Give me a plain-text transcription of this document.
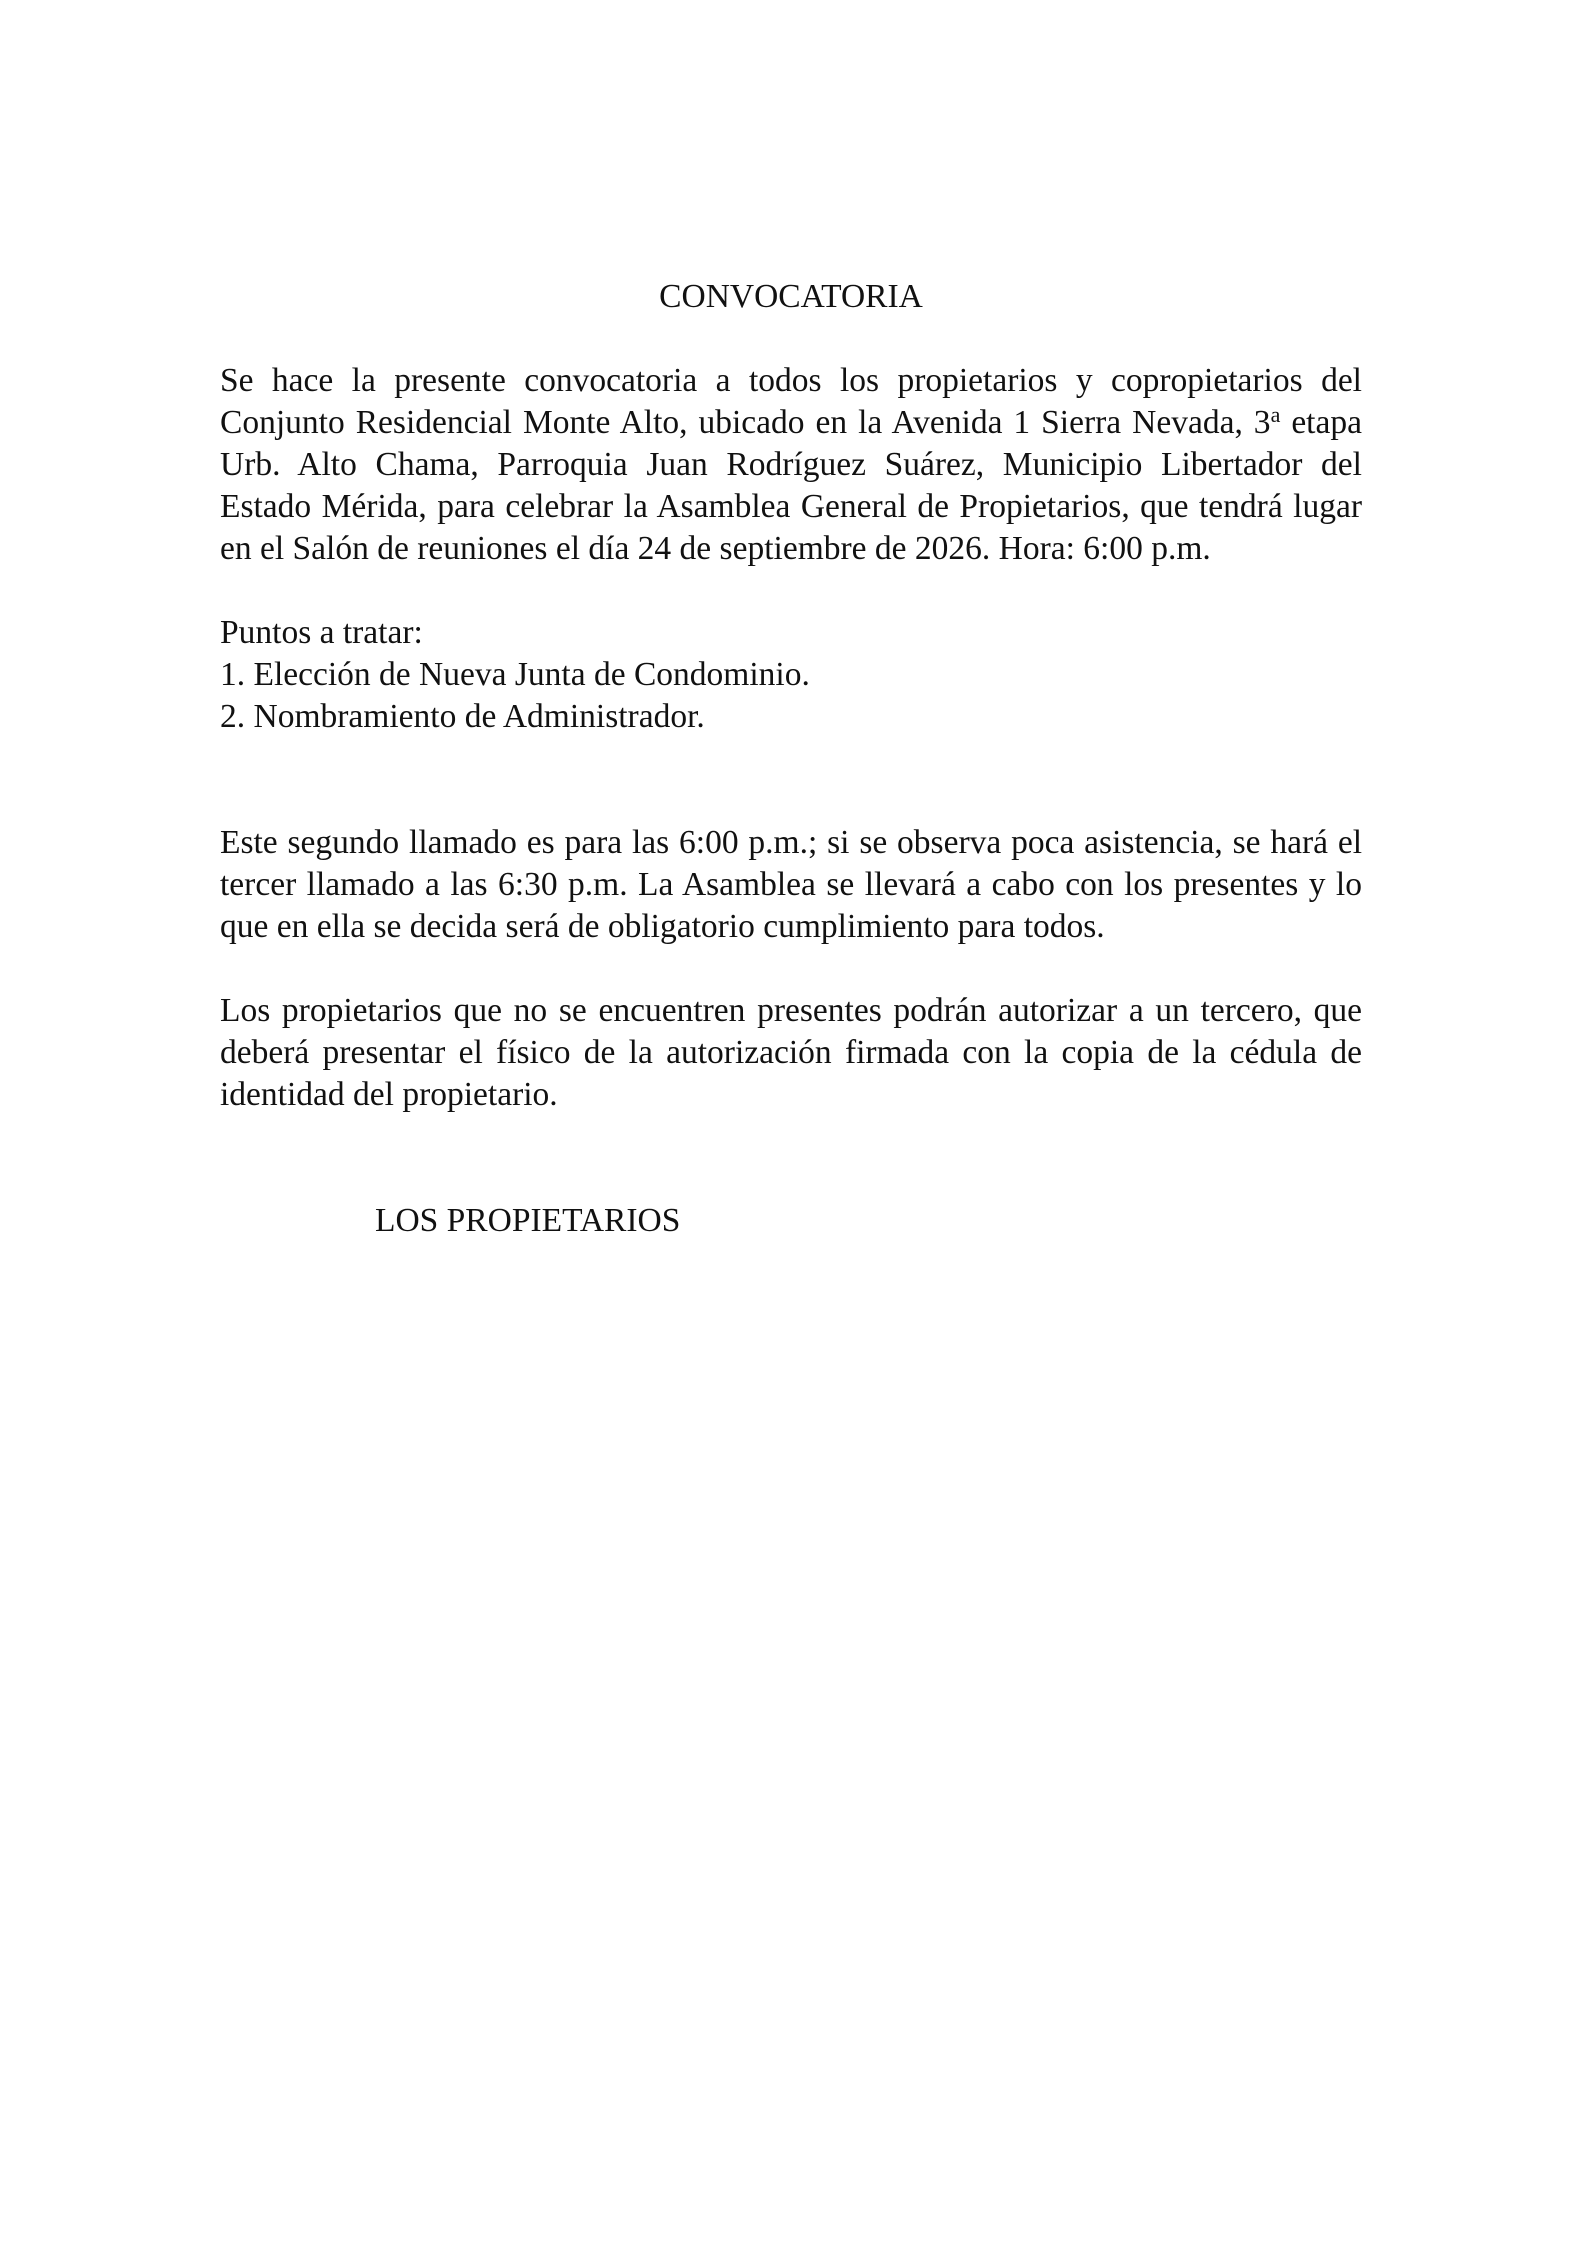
CONVOCATORIA

Se hace la presente convocatoria a todos los propietarios y copropietarios del Conjunto Residencial Monte Alto, ubicado en la Avenida 1 Sierra Nevada, 3$^a$ etapa Urb. Alto Chama, Parroquia Juan Rodríguez Suárez, Municipio Libertador del Estado Mérida, para celebrar la Asamblea General de Propietarios, que tendrá lugar en el Salón de reuniones el día 24 de septiembre de 2026. Hora: 6:00 p.m.

Puntos a tratar:

1. Elección de Nueva Junta de Condominio.
2. Nombramiento de Administrador.

Este segundo llamado es para las 6:00 p.m.; si se observa poca asistencia, se hará el tercer llamado a las 6:30 p.m. La Asamblea se llevará a cabo con los presentes y lo que en ella se decida será de obligatorio cumplimiento para todos.

Los propietarios que no se encuentren presentes podrán autorizar a un tercero, que deberá presentar el físico de la autorización firmada con la copia de la cédula de identidad del propietario.

LOS PROPIETARIOS
